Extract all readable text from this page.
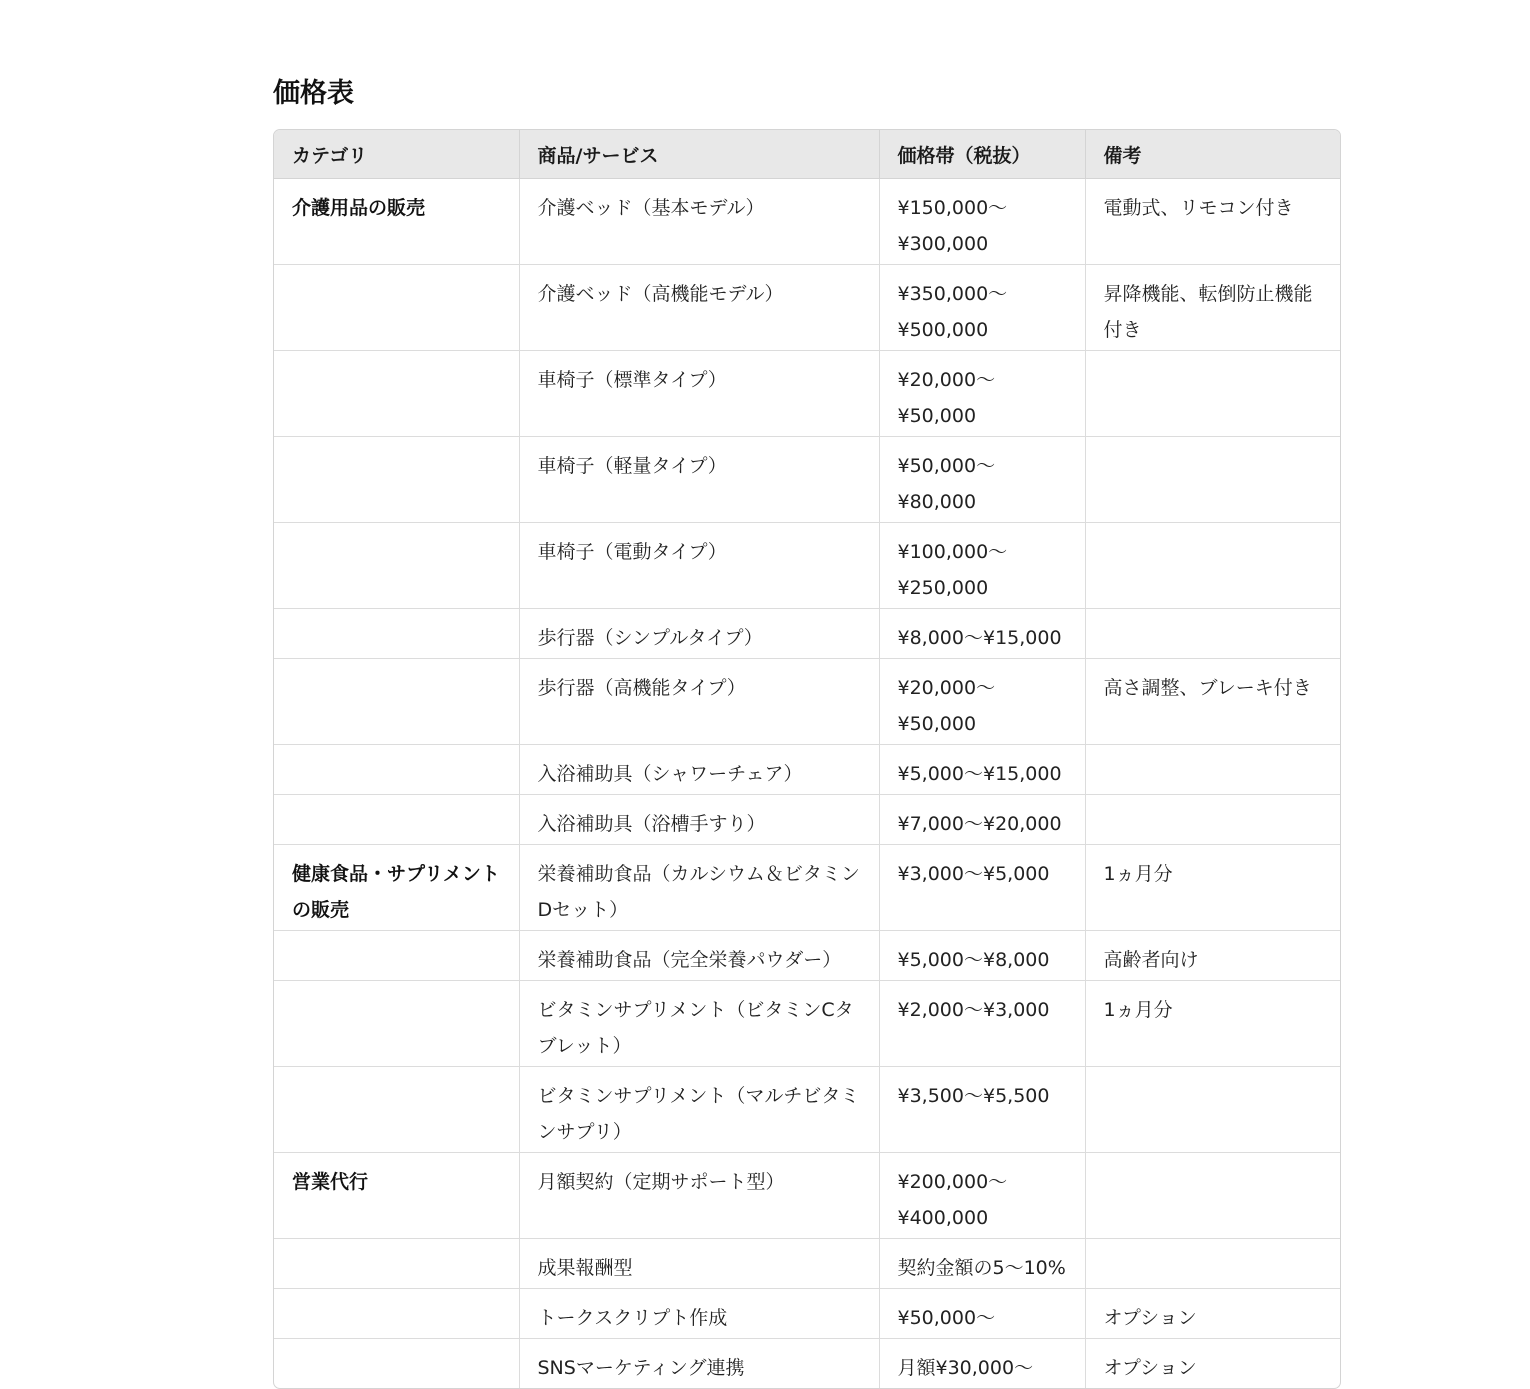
価格表
カテゴリ	商品/サービス	価格帯（税抜）	備考
介護用品の販売	介護ベッド（基本モデル）	¥150,000〜¥300,000	電動式、リモコン付き
	介護ベッド（高機能モデル）	¥350,000〜¥500,000	昇降機能、転倒防止機能付き
	車椅子（標準タイプ）	¥20,000〜¥50,000	
	車椅子（軽量タイプ）	¥50,000〜¥80,000	
	車椅子（電動タイプ）	¥100,000〜¥250,000	
	歩行器（シンプルタイプ）	¥8,000〜¥15,000	
	歩行器（高機能タイプ）	¥20,000〜¥50,000	高さ調整、ブレーキ付き
	入浴補助具（シャワーチェア）	¥5,000〜¥15,000	
	入浴補助具（浴槽手すり）	¥7,000〜¥20,000	
健康食品・サプリメントの販売	栄養補助食品（カルシウム＆ビタミンDセット）	¥3,000〜¥5,000	1ヵ月分
	栄養補助食品（完全栄養パウダー）	¥5,000〜¥8,000	高齢者向け
	ビタミンサプリメント（ビタミンCタブレット）	¥2,000〜¥3,000	1ヵ月分
	ビタミンサプリメント（マルチビタミンサプリ）	¥3,500〜¥5,500	
営業代行	月額契約（定期サポート型）	¥200,000〜¥400,000	
	成果報酬型	契約金額の5〜10%	
	トークスクリプト作成	¥50,000〜	オプション
	SNSマーケティング連携	月額¥30,000〜	オプション
